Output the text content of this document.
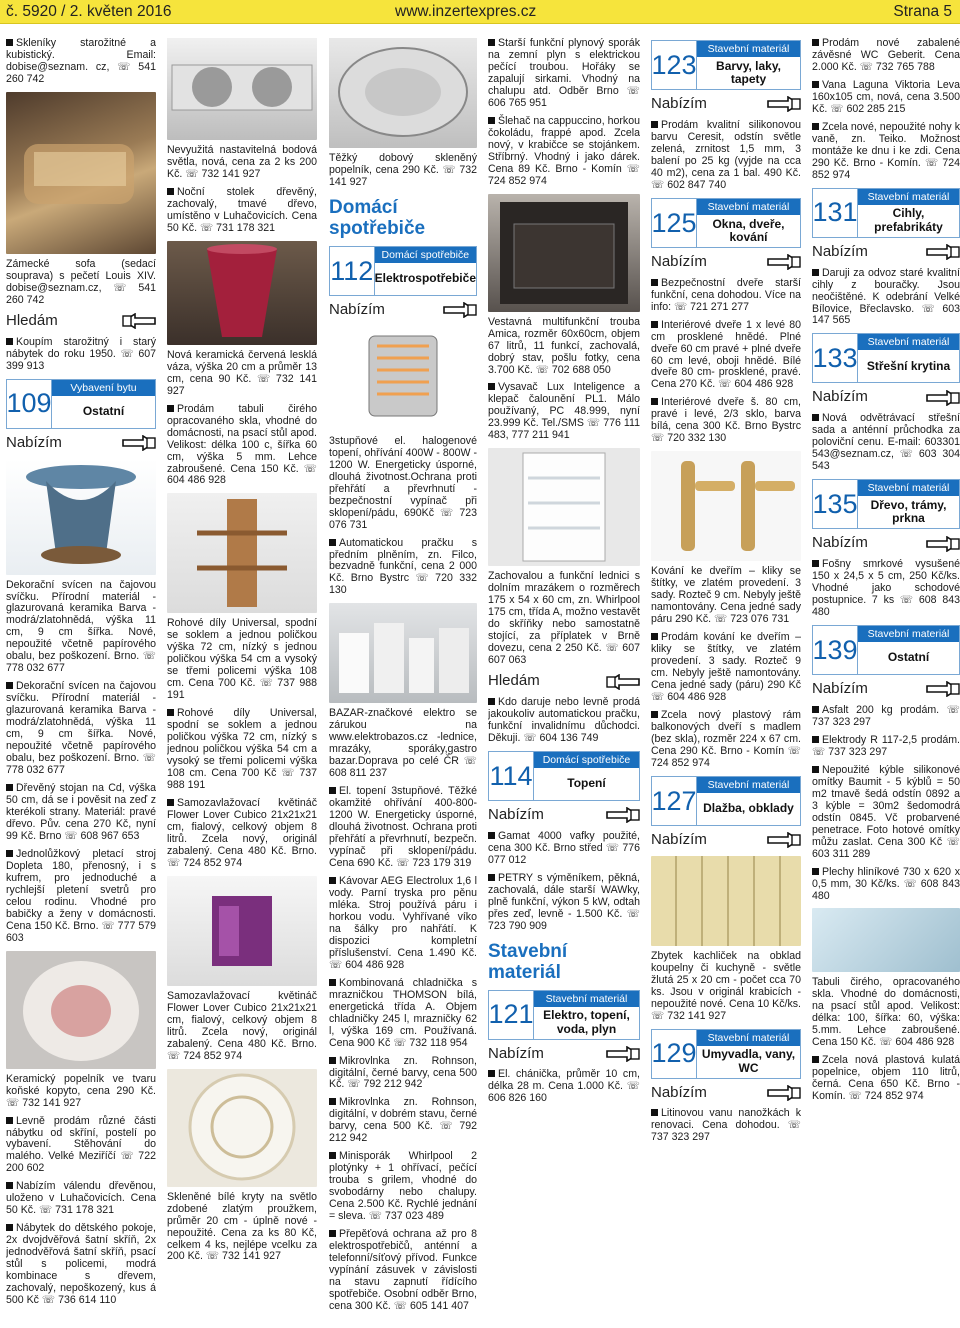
č. 5920 / 2. květen 2016	www.inzertexpres.cz	Strana 5
Skleníky starožitné a kubistický. Email: dobise@seznam. cz, ☏ 541 260 742
Zámecké sofa (sedací souprava) s pečetí Louis XIV. dobise@seznam.cz, ☏ 541 260 742
Hledám
Koupím starožitný i starý nábytek do roku 1950. ☏ 607 399 913
109
Vybavení bytu
Ostatní
Nabízím
Dekorační svícen na čajovou svíčku. Přírodní materiál - glazurovaná keramika Barva - modrá/zlatohnědá, výška 11 cm, 9 cm šířka. Nové, nepoužité včetně papírového obalu, bez poškození. Brno. ☏ 778 032 677
Dekorační svícen na čajovou svíčku. Přírodní materiál - glazurovaná keramika Barva - modrá/zlatohnědá, výška 11 cm, 9 cm šířka. Nové, nepoužité včetně papírového obalu, bez poškození. Brno. ☏ 778 032 677
Dřevěný stojan na Cd, výška 50 cm, dá se i pověsit na zeď z kterékoli strany. Materiál: pravé dřevo. Pův. cena 270 Kč, nyní 99 Kč. Brno ☏ 608 967 653
Jednolůžkový pletací stroj Dopleta 180, přenosný, i s kufrem, pro jednoduché a rychlejší pletení svetrů pro celou rodinu. Vhodné pro babičky a ženy v domácnosti. Cena 150 Kč. Brno. ☏ 777 579 603
Keramický popelník ve tvaru koňské kopyto, cena 290 Kč. ☏ 732 141 927
Levně prodám různé části nábytku od skříní, postelí po vybavení. Stěhování do malého. Velké Meziříčí ☏ 722 200 602
Nabízím válendu dřevěnou, uloženo v Luhačovicích. Cena 50 Kč. ☏ 731 178 321
Nábytek do dětského pokoje, 2x dvojdvěřová šatní skříň, 2x jednodvěřová šatní skříň, psací stůl s policemi, modrá kombinace s dřevem, zachovalý, nepoškozený, kus á 500 Kč ☏ 736 614 110
Nevyužitá nastavitelná bodová světla, nová, cena za 2 ks 200 Kč. ☏ 732 141 927
Noční stolek dřevěný, zachovalý, tmavé dřevo, umístěno v Luhačovicích. Cena 50 Kč. ☏ 731 178 321
Nová keramická červená lesklá váza, výška 20 cm a průměr 13 cm, cena 90 Kč. ☏ 732 141 927
Prodám tabuli čirého opracovaného skla, vhodné do domácnosti, na psací stůl apod. Velikost: délka 100 c, šířka 60 cm, výška 5 mm. Lehce zabroušené. Cena 150 Kč. ☏ 604 486 928
Rohové díly Universal, spodní se soklem a jednou poličkou výška 72 cm, nízký s jednou poličkou výška 54 cm a vysoký se třemi policemi výška 108 cm. Cena 700 Kč. ☏ 737 988 191
Rohové díly Universal, spodní se soklem a jednou poličkou výška 72 cm, nízký s jednou poličkou výška 54 cm a vysoký se třemi policemi výška 108 cm. Cena 700 Kč ☏ 737 988 191
Samozavlažovací květináč Flower Lover Cubico 21x21x21 cm, fialový, celkový objem 8 litrů. Zcela nový, originál zabalený. Cena 480 Kč. Brno. ☏ 724 852 974
Samozavlažovací květináč Flower Lover Cubico 21x21x21 cm, fialový, celkový objem 8 litrů. Zcela nový, originál zabalený. Cena 480 Kč. Brno. ☏ 724 852 974
Skleněné bílé kryty na světlo zdobené zlatým proužkem, průměr 20 cm - úplně nové - nepoužité. Cena za ks 80 Kč, celkem 4 ks, nejlépe vcelku za 200 Kč. ☏ 732 141 927
Těžký dobový skleněný popelník, cena 290 Kč. ☏ 732 141 927
Domácí spotřebiče
112
Domácí spotřebiče
Elektrospotřebiče
Nabízím
3stupňové el. halogenové topení, ohřívání 400W - 800W - 1200 W. Energeticky úsporné, dlouhá životnost.Ochrana proti přehřátí a převrhnutí - bezpečnostní vypínač při sklopení/pádu, 690Kč ☏ 723 076 731
Automatickou pračku s předním plněním, zn. Filco, bezvadně funkční, cena 2 000 Kč. Brno Bystrc ☏ 720 332 130
BAZAR-značkové elektro se zárukou na www.elektrobazos.cz -lednice, mrazáky, sporáky,gastro bazar.Doprava po celé ČR ☏ 608 811 237
El. topení 3stupňové. Těžké okamžité ohřívání 400-800-1200 W. Energeticky úsporné, dlouhá životnost. Ochrana proti přehřátí a převrhnutí, bezpečn. vypínač při sklopení/pádu. Cena 690 Kč. ☏ 723 179 319
Kávovar AEG Electrolux 1,6 l vody. Parní tryska pro pěnu mléka. Stroj používá páru i horkou vodu. Vyhřívané víko na šálky pro nahřátí. K dispozici kompletní příslušenství. Cena 1.490 Kč. ☏ 604 486 928
Kombinovaná chladnička s mrazničkou THOMSON bílá, energetická třída A. Objem chladničky 245 l, mrazničky 62 l, výška 169 cm. Používaná. Cena 900 Kč ☏ 732 118 954
Mikrovlnka zn. Rohnson, digitální, černé barvy, cena 500 Kč. ☏ 792 212 942
Mikrovlnka zn. Rohnson, digitální, v dobrém stavu, černé barvy, cena 500 Kč. ☏ 792 212 942
Minisporák Whirlpool 2 plotýnky + 1 ohřívací, pečící trouba s grilem, vhodné do svobodárny nebo chalupy. Cena 2.500 Kč. Rychlé jednání = sleva. ☏ 737 023 489
Přepěťová ochrana až pro 8 elektrospotřebičů, anténní a telefonní/síťový přívod. Funkce vypínání zásuvek v závislosti na stavu zapnutí řídícího spotřebiče. Osobní odběr Brno, cena 300 Kč. ☏ 605 141 407
Starší funkční plynový sporák na zemní plyn s elektrickou pečící troubou. Hořáky se zapalují sirkami. Vhodný na chalupu atd. Odběr Brno ☏ 606 765 951
Šlehač na cappuccino, horkou čokoládu, frappé apod. Zcela nový, v krabičce se stojánkem. Stříbrný. Vhodný i jako dárek. Cena 89 Kč. Brno - Komín ☏ 724 852 974
Vestavná multifunkční trouba Amica, rozměr 60x60cm, objem 67 litrů, 11 funkcí, zachovalá, dobrý stav, pošlu fotky, cena 3.700 Kč. ☏ 702 688 050
Vysavač Lux Inteligence a klepač čalounění PL1. Málo používaný, PC 48.999, nyní 23.999 Kč. Tel./SMS ☏ 776 111 483, 777 211 941
Zachovalou a funkční lednici s dolním mrazákem o rozměrech 175 x 54 x 60 cm, zn. Whirlpool 175 cm, třída A, možno vestavět do skříňky nebo samostatně stojící, za příplatek v Brně dovezu, cena 2 250 Kč. ☏ 607 607 063
Hledám
Kdo daruje nebo levně prodá jakoukoliv automatickou pračku, funkční invalidnímu důchodci. Děkuji. ☏ 604 136 749
114
Domácí spotřebiče
Topení
Nabízím
Gamat 4000 vafky použité, cena 300 Kč. Brno střed ☏ 776 077 012
PETRY s výměníkem, pěkná, zachovalá, dále starší WAWky, plně funkční, výkon 5 kW, odtah přes zeď, levně - 1.500 Kč. ☏ 723 790 909
Stavební materiál
121
Stavební materiál
Elektro, topení, voda, plyn
Nabízím
El. chánička, průměr 10 cm, délka 28 m. Cena 1.000 Kč. ☏ 606 826 160
123
Stavební materiál
Barvy, laky, tapety
Nabízím
Prodám kvalitní silikonovou barvu Ceresit, odstín světle zelená, zrnitost 1,5 mm, 3 balení po 25 kg (vyjde na cca 40 m2), cena za 1 bal. 490 Kč. ☏ 602 847 740
125
Stavební materiál
Okna, dveře, kování
Nabízím
Bezpečnostní dveře starší funkční, cena dohodou. Více na info: ☏ 721 271 277
Interiérové dveře 1 x levé 80 cm prosklené hnědé. Plné dveře 60 cm pravé + plné dveře 60 cm levé, oboji hnědé. Bílé dveře 80 cm- prosklené, pravé. Cena 270 Kč. ☏ 604 486 928
Interiérové dveře š. 80 cm, pravé i levé, 2/3 sklo, barva bílá, cena 300 Kč. Brno Bystrc ☏ 720 332 130
Kování ke dveřím – kliky se štítky, ve zlatém provedení. 3 sady. Rozteč 9 cm. Nebyly ještě namontovány. Cena jedné sady páru 290 Kč. ☏ 723 076 731
Prodám kování ke dveřím – kliky se štítky, ve zlatém provedení. 3 sady. Rozteč 9 cm. Nebyly ještě namontovány. Cena jedné sady (páru) 290 Kč ☏ 604 486 928
Zcela nový plastový rám balkonových dveří s madlem (bez skla), rozměr 224 x 67 cm. Cena 290 Kč. Brno - Komín ☏ 724 852 974
127
Stavební materiál
Dlažba, obklady
Nabízím
Zbytek kachliček na obklad koupelny či kuchyně - světle žlutá 25 x 20 cm - počet cca 70 ks. Jsou v originál krabicích - nepoužité nové. Cena 10 Kč/ks. ☏ 732 141 927
129
Stavební materiál
Umyvadla, vany, WC
Nabízím
Litinovou vanu nanožkách k renovaci. Cena dohodou. ☏ 737 323 297
Prodám nové zabalené závěsné WC Geberit. Cena 2.000 Kč. ☏ 732 765 788
Vana Laguna Viktoria Leva 160x105 cm, nová, cena 3.500 Kč. ☏ 602 285 215
Zcela nové, nepoužité nohy k vaně, zn. Teiko. Možnost montáže ke dnu i ke zdi. Cena 290 Kč. Brno - Komín. ☏ 724 852 974
131
Stavební materiál
Cihly, prefabrikáty
Nabízím
Daruji za odvoz staré kvalitní cihly z bouračky. Jsou neočištěné. K odebrání Velké Bílovice, Břeclavsko. ☏ 603 147 565
133
Stavební materiál
Střešní krytina
Nabízím
Nová odvětrávací střešní sada a anténní průchodka za poloviční cenu. E-mail: 603301 543@seznam.cz, ☏ 603 304 543
135
Stavební materiál
Dřevo, trámy, prkna
Nabízím
Fošny smrkové vysušené 150 x 24,5 x 5 cm, 250 Kč/ks. Vhodné jako schodové postupnice. 7 ks ☏ 608 843 480
139
Stavební materiál
Ostatní
Nabízím
Asfalt 200 kg prodám. ☏ 737 323 297
Elektrody R 117-2,5 prodám. ☏ 737 323 297
Nepoužité kýble silikonové omítky Baumit - 5 kýblů = 50 m2 tmavě šedá odstín 0892 a 3 kýble = 30m2 šedomodrá odstín 0845. Vč probarvené penetrace. Foto hotové omítky můžu zaslat. Cena 300 Kč ☏ 603 311 289
Plechy hliníkové 730 x 620 x 0,5 mm, 30 Kč/ks. ☏ 608 843 480
Tabuli čirého, opracovaného skla. Vhodné do domácnosti, na psací stůl apod. Velikost: délka: 100, šířka: 60, výška: 5.mm. Lehce zabroušené. Cena 150 Kč. ☏ 604 486 928
Zcela nová plastová kulatá popelnice, objem 110 litrů, černá. Cena 650 Kč. Brno - Komín. ☏ 724 852 974
